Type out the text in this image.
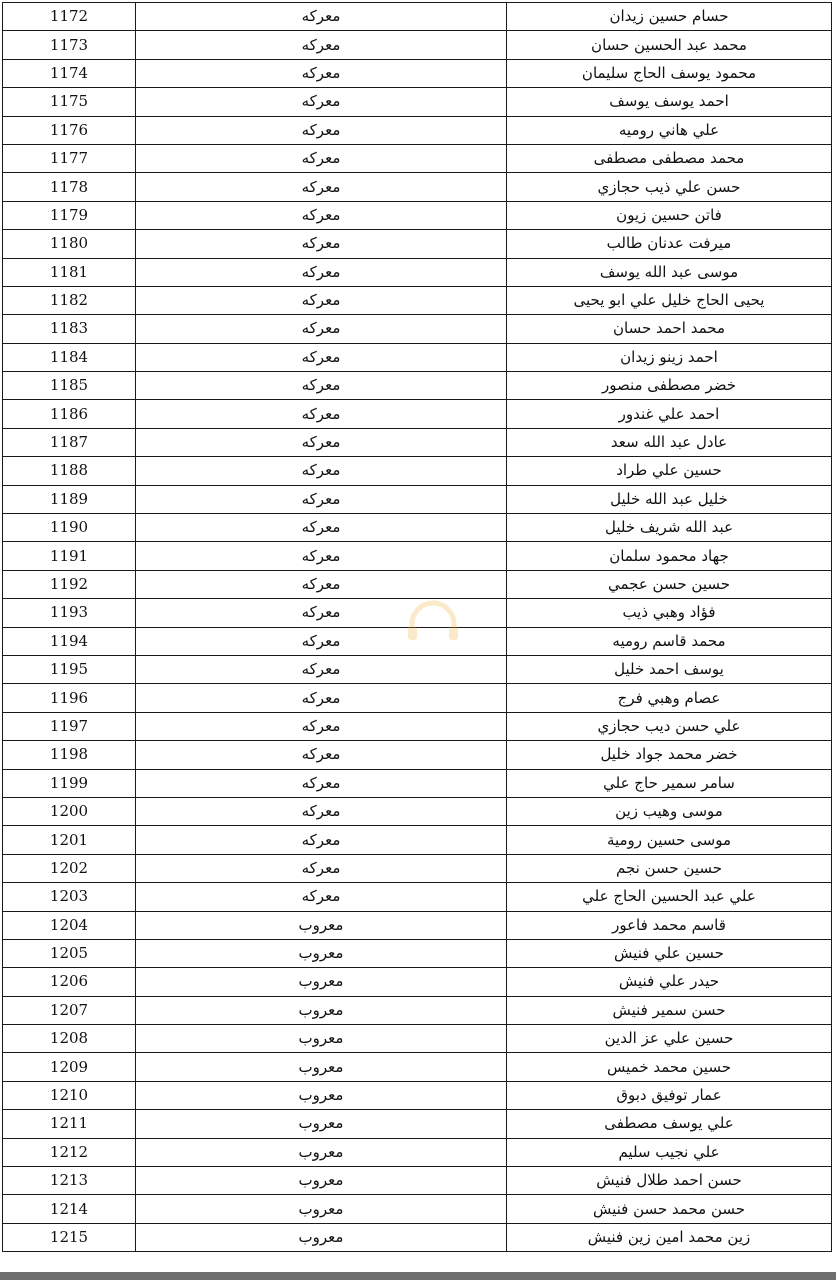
1172	معركه	حسام حسين زيدان
1173	معركه	محمد عبد الحسين حسان
1174	معركه	محمود يوسف الحاج سليمان
1175	معركه	احمد يوسف يوسف
1176	معركه	علي هاني روميه
1177	معركه	محمد مصطفى مصطفى
1178	معركه	حسن علي ذيب حجازي
1179	معركه	فاتن حسين زيون
1180	معركه	ميرفت عدنان طالب
1181	معركه	موسى عبد الله يوسف
1182	معركه	يحيى الحاج خليل علي ابو يحيى
1183	معركه	محمد احمد حسان
1184	معركه	احمد زينو زيدان
1185	معركه	خضر مصطفى منصور
1186	معركه	احمد علي غندور
1187	معركه	عادل عبد الله سعد
1188	معركه	حسين علي طراد
1189	معركه	خليل عبد الله خليل
1190	معركه	عبد الله شريف خليل
1191	معركه	جهاد محمود سلمان
1192	معركه	حسين حسن عجمي
1193	معركه	فؤاد وهبي ذيب
1194	معركه	محمد قاسم روميه
1195	معركه	يوسف احمد خليل
1196	معركه	عصام وهبي فرج
1197	معركه	علي حسن ديب حجازي
1198	معركه	خضر محمد جواد خليل
1199	معركه	سامر سمير حاج علي
1200	معركه	موسى وهيب زين
1201	معركه	موسى حسين رومية
1202	معركه	حسين حسن نجم
1203	معركه	علي عبد الحسين الحاج علي
1204	معروب	قاسم محمد فاعور
1205	معروب	حسين علي فنيش
1206	معروب	حيدر علي فنيش
1207	معروب	حسن سمير فنيش
1208	معروب	حسين علي عز الدين
1209	معروب	حسين محمد خميس
1210	معروب	عمار توفيق دبوق
1211	معروب	علي يوسف مصطفى
1212	معروب	علي نجيب سليم
1213	معروب	حسن احمد طلال فنيش
1214	معروب	حسن محمد حسن فنيش
1215	معروب	زين محمد امين زين فنيش
